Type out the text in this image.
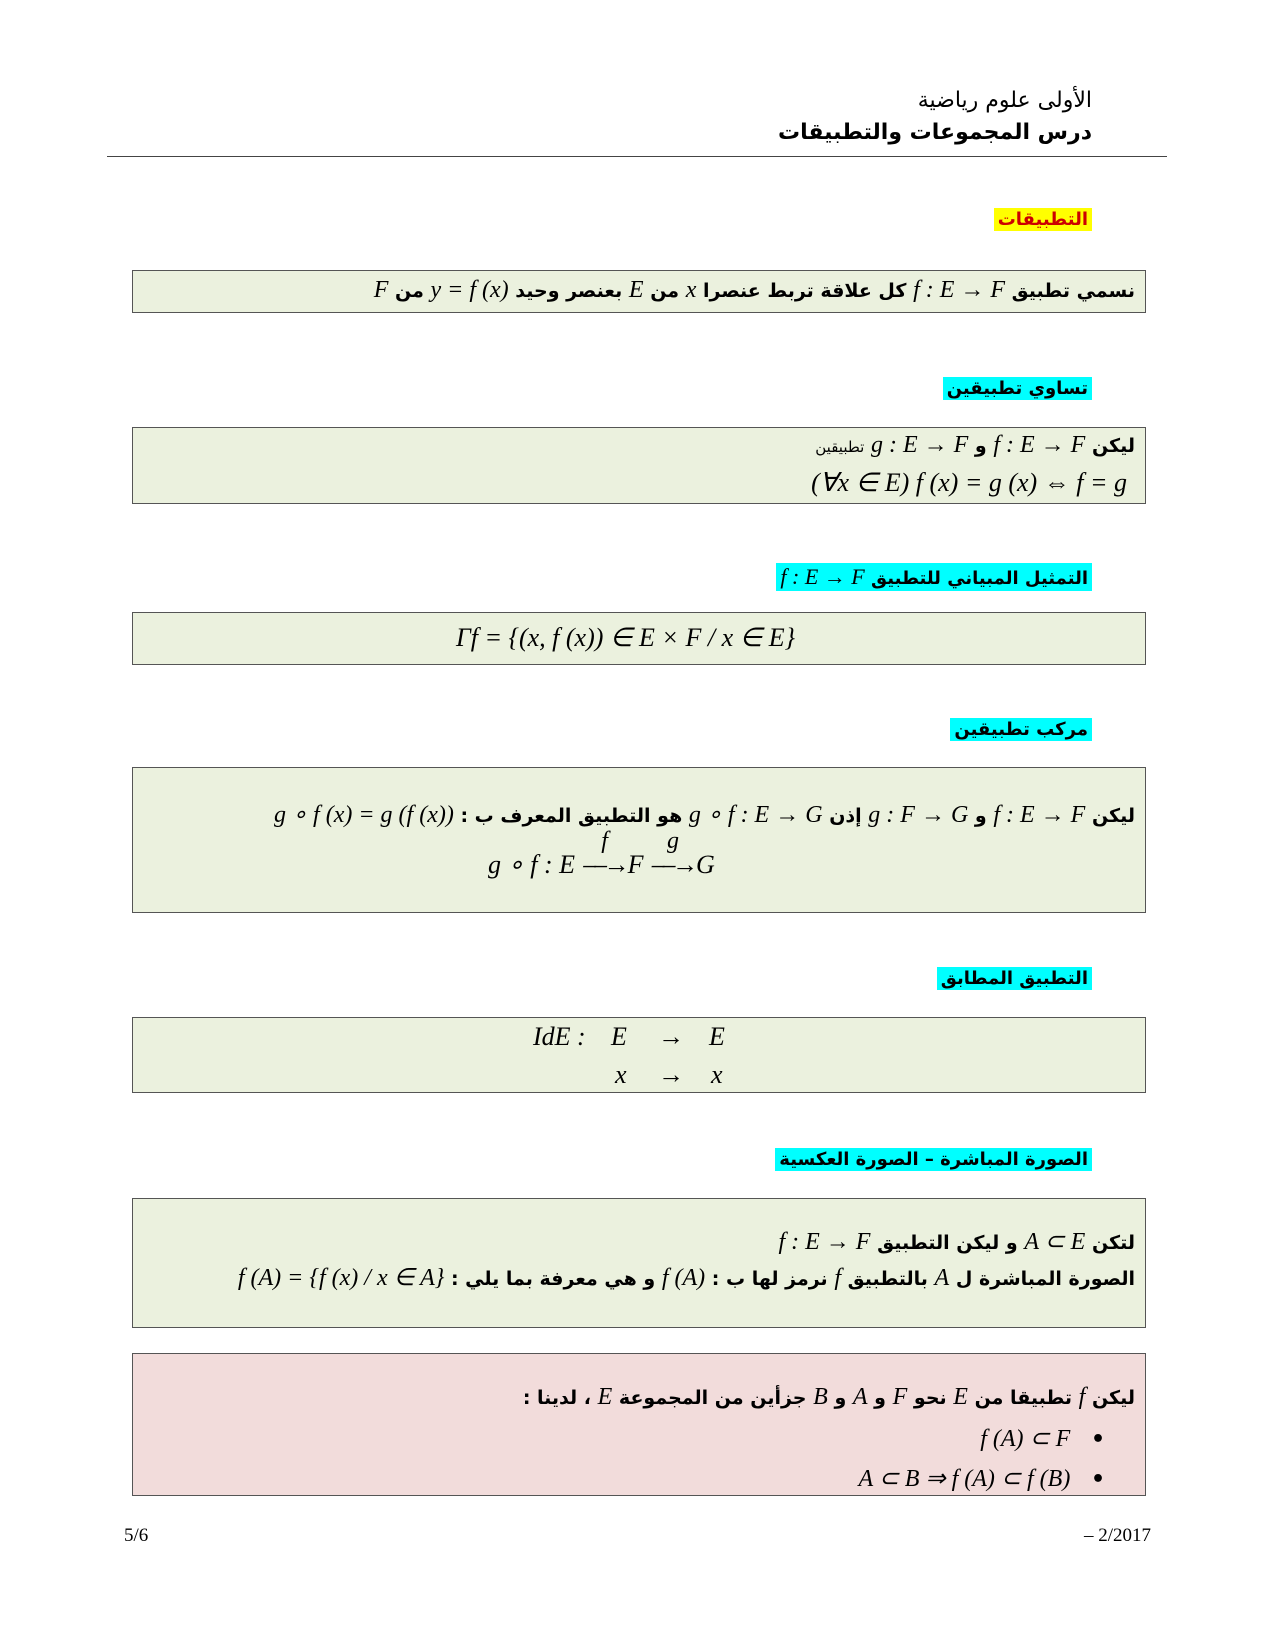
الأولى علوم رياضية
درس المجموعات والتطبيقات
التطبيقات
نسمي تطبيق f : E → F كل علاقة تربط عنصرا x من E بعنصر وحيد y = f (x) من F
تساوي تطبيقين
ليكن f : E → F و g : E → F تطبيقين
(∀x ∈ E) f (x) = g (x) ⇔ f = g
التمثيل المبياني للتطبيق f : E → F
Γf = {(x, f (x)) ∈ E × F / x ∈ E}
مركب تطبيقين
ليكن f : E → F و g : F → G إذن g ∘ f : E → G هو التطبيق المعرف ب : g ∘ f (x) = g (f (x))
g ∘ f : E
f
⎯⎯→F
g
⎯⎯→G
التطبيق المطابق
IdE : E → E
x → x
الصورة المباشرة – الصورة العكسية
لتكن A ⊂ E و ليكن التطبيق f : E → F
الصورة المباشرة ل A بالتطبيق f نرمز لها ب : f (A) و هي معرفة بما يلي : f (A) = {f (x) / x ∈ A}
ليكن f تطبيقا من E نحو F و A و B جزأين من المجموعة E ، لدينا :
• f (A) ⊂ F
• A ⊂ B ⇒ f (A) ⊂ f (B)
5/6	– 2/2017
